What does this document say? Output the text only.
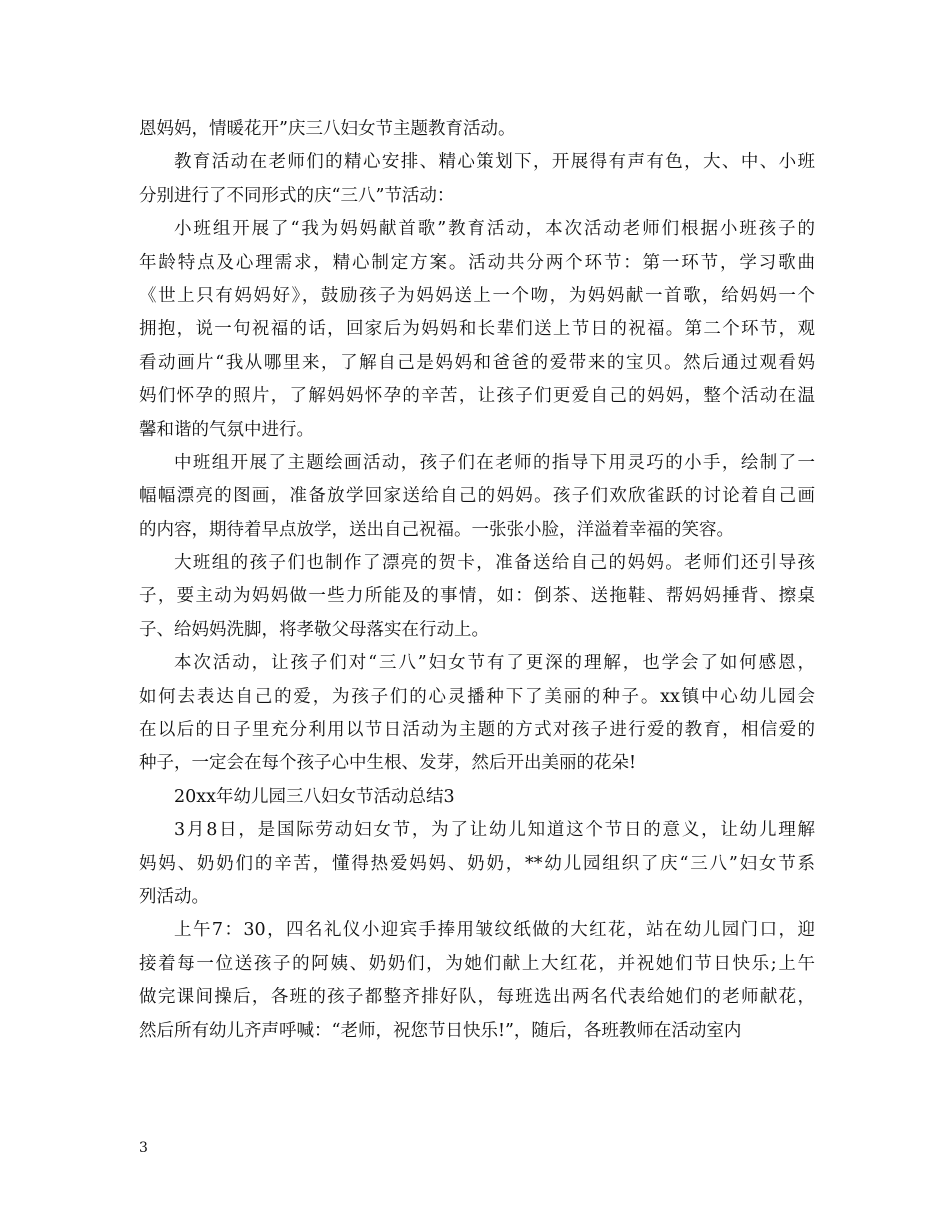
恩妈妈，情暖花开”庆三八妇女节主题教育活动。
教育活动在老师们的精心安排、精心策划下，开展得有声有色，大、中、小班
分别进行了不同形式的庆“三八”节活动：
小班组开展了“我为妈妈献首歌”教育活动，本次活动老师们根据小班孩子的
年龄特点及心理需求，精心制定方案。活动共分两个环节：第一环节，学习歌曲
《世上只有妈妈好》，鼓励孩子为妈妈送上一个吻，为妈妈献一首歌，给妈妈一个
拥抱，说一句祝福的话，回家后为妈妈和长辈们送上节日的祝福。第二个环节，观
看动画片“我从哪里来，了解自己是妈妈和爸爸的爱带来的宝贝。然后通过观看妈
妈们怀孕的照片，了解妈妈怀孕的辛苦，让孩子们更爱自己的妈妈，整个活动在温
馨和谐的气氛中进行。
中班组开展了主题绘画活动，孩子们在老师的指导下用灵巧的小手，绘制了一
幅幅漂亮的图画，准备放学回家送给自己的妈妈。孩子们欢欣雀跃的讨论着自己画
的内容，期待着早点放学，送出自己祝福。一张张小脸，洋溢着幸福的笑容。
大班组的孩子们也制作了漂亮的贺卡，准备送给自己的妈妈。老师们还引导孩
子，要主动为妈妈做一些力所能及的事情，如：倒茶、送拖鞋、帮妈妈捶背、擦桌
子、给妈妈洗脚，将孝敬父母落实在行动上。
本次活动，让孩子们对“三八”妇女节有了更深的理解，也学会了如何感恩，
如何去表达自己的爱，为孩子们的心灵播种下了美丽的种子。xx镇中心幼儿园会
在以后的日子里充分利用以节日活动为主题的方式对孩子进行爱的教育，相信爱的
种子，一定会在每个孩子心中生根、发芽，然后开出美丽的花朵!
20xx年幼儿园三八妇女节活动总结3
3月8日，是国际劳动妇女节，为了让幼儿知道这个节日的意义，让幼儿理解
妈妈、奶奶们的辛苦，懂得热爱妈妈、奶奶，**幼儿园组织了庆“三八”妇女节系
列活动。
上午7：30，四名礼仪小迎宾手捧用皱纹纸做的大红花，站在幼儿园门口，迎
接着每一位送孩子的阿姨、奶奶们，为她们献上大红花，并祝她们节日快乐;上午
做完课间操后，各班的孩子都整齐排好队，每班选出两名代表给她们的老师献花，
然后所有幼儿齐声呼喊：“老师，祝您节日快乐!”，随后，各班教师在活动室内
3
